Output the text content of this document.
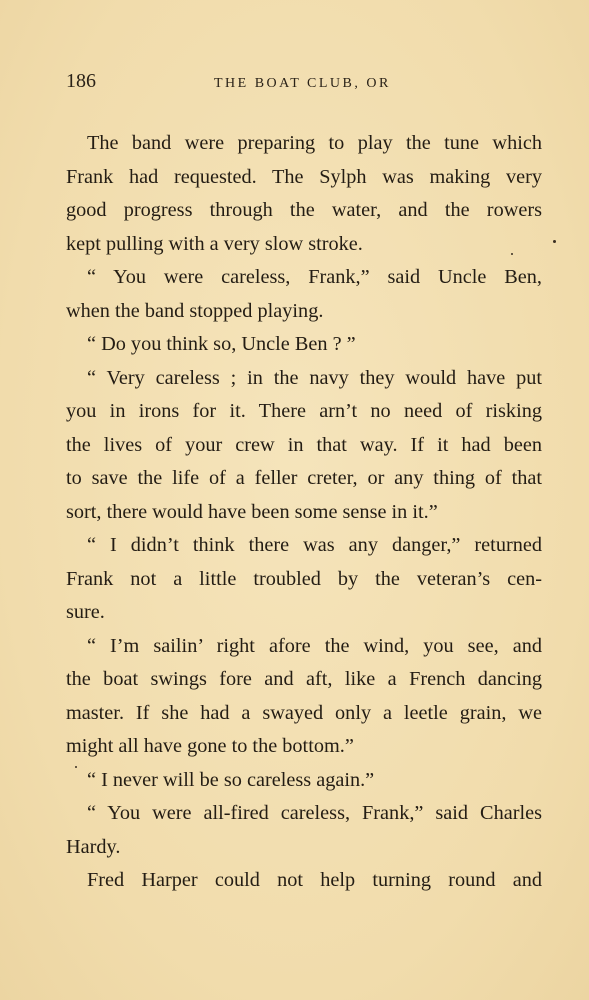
186	THE BOAT CLUB, OR
The band were preparing to play the tune which
Frank had requested. The Sylph was making very
good progress through the water, and the rowers
kept pulling with a very slow stroke.
“ You were careless, Frank,” said Uncle Ben,
when the band stopped playing.
“ Do you think so, Uncle Ben ? ”
“ Very careless ; in the navy they would have put
you in irons for it. There arn’t no need of risking
the lives of your crew in that way. If it had been
to save the life of a feller creter, or any thing of that
sort, there would have been some sense in it.”
“ I didn’t think there was any danger,” returned
Frank not a little troubled by the veteran’s cen-
sure.
“ I’m sailin’ right afore the wind, you see, and
the boat swings fore and aft, like a French dancing
master. If she had a swayed only a leetle grain, we
might all have gone to the bottom.”
“ I never will be so careless again.”
“ You were all-fired careless, Frank,” said Charles
Hardy.
Fred Harper could not help turning round and
